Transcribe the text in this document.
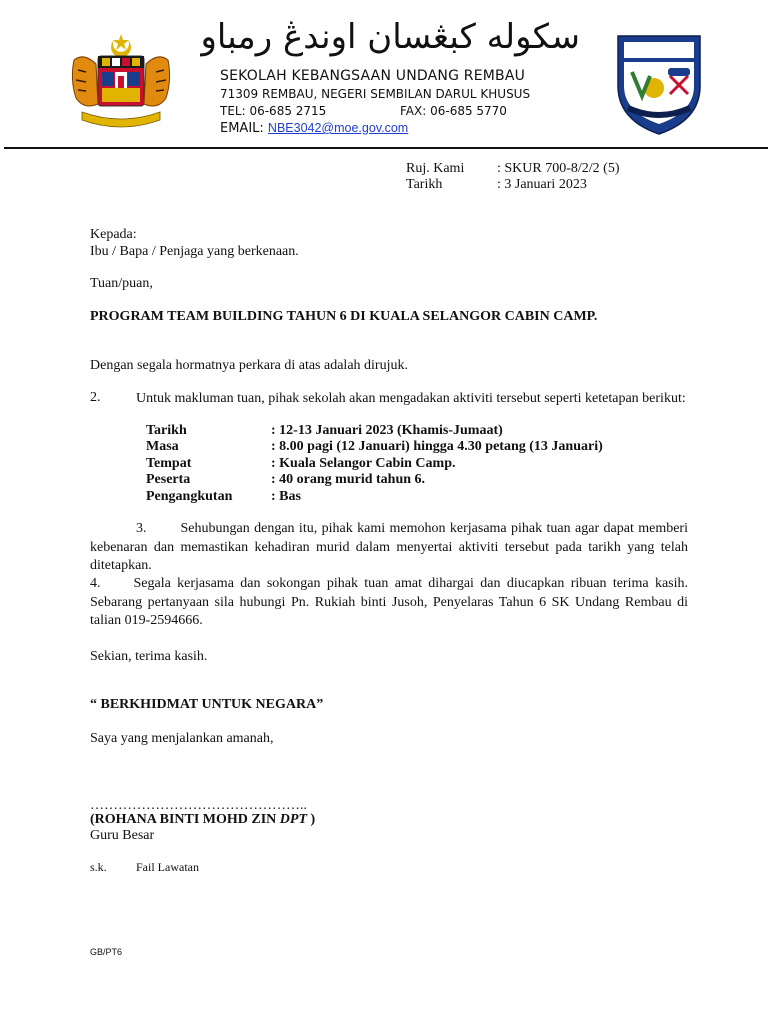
سکوله کبڠسان اوندڠ رمباو
SEKOLAH KEBANGSAAN UNDANG REMBAU
71309 REMBAU, NEGERI SEMBILAN DARUL KHUSUS
TEL: 06-685 2715	FAX: 06-685 5770
EMAIL: NBE3042@moe.gov.com
Ruj. Kami : SKUR 700-8/2/2 (5)
Tarikh	: 3 Januari 2023
Kepada:
Ibu / Bapa / Penjaga yang berkenaan.
Tuan/puan,
PROGRAM TEAM BUILDING TAHUN 6 DI KUALA SELANGOR CABIN CAMP.
Dengan segala hormatnya perkara di atas adalah dirujuk.
2.	Untuk makluman tuan, pihak sekolah akan mengadakan aktiviti tersebut seperti ketetapan berikut:
Tarikh	: 12-13 Januari 2023 (Khamis-Jumaat)
Masa	: 8.00 pagi (12 Januari) hingga 4.30 petang (13 Januari)
Tempat	: Kuala Selangor Cabin Camp.
Peserta	: 40 orang murid tahun 6.
Pengangkutan	: Bas
3. Sehubungan dengan itu, pihak kami memohon kerjasama pihak tuan agar dapat memberi kebenaran dan memastikan kehadiran murid dalam menyertai aktiviti tersebut pada tarikh yang telah ditetapkan.
4. Segala kerjasama dan sokongan pihak tuan amat dihargai dan diucapkan ribuan terima kasih. Sebarang pertanyaan sila hubungi Pn. Rukiah binti Jusoh, Penyelaras Tahun 6 SK Undang Rembau di talian 019-2594666.
Sekian, terima kasih.
“ BERKHIDMAT UNTUK NEGARA”
Saya yang menjalankan amanah,
………………………………………..
(ROHANA BINTI MOHD ZIN DPT )
Guru Besar
s.k. Fail Lawatan
GB/PT6
